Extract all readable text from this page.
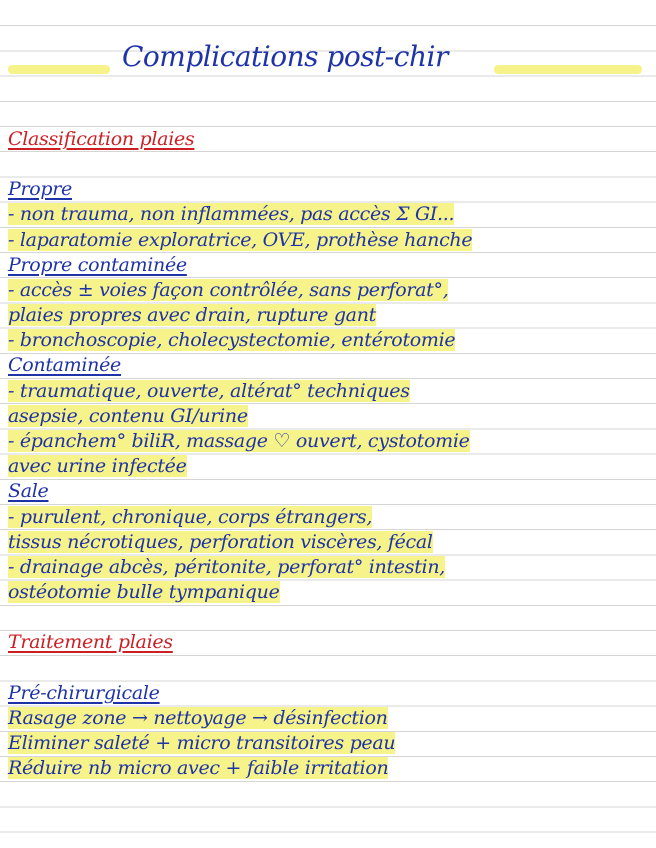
Complications post-chir
Classification plaies
Propre
- non trauma, non inflammées, pas accès Σ GI...
- laparatomie exploratrice, OVE, prothèse hanche
Propre contaminée
- accès ± voies façon contrôlée, sans perforat°,
plaies propres avec drain, rupture gant
- bronchoscopie, cholecystectomie, entérotomie
Contaminée
- traumatique, ouverte, altérat° techniques
asepsie, contenu GI/urine
- épanchem° biliR, massage ♡ ouvert, cystotomie
avec urine infectée
Sale
- purulent, chronique, corps étrangers,
tissus nécrotiques, perforation viscères, fécal
- drainage abcès, péritonite, perforat° intestin,
ostéotomie bulle tympanique
Traitement plaies
Pré-chirurgicale
Rasage zone → nettoyage → désinfection
Eliminer saleté + micro transitoires peau
Réduire nb micro avec + faible irritation
